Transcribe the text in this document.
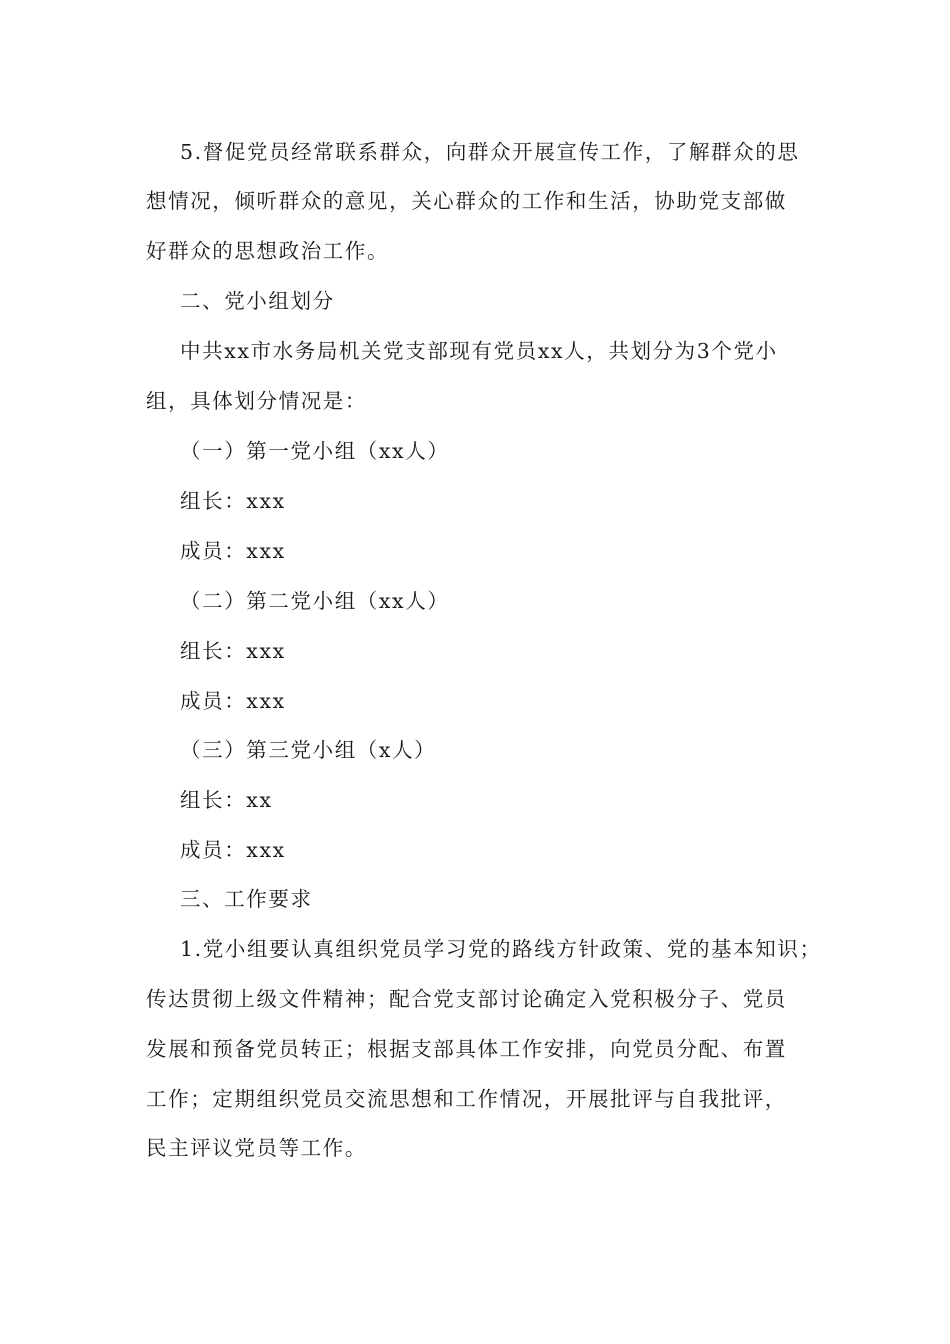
5.督促党员经常联系群众，向群众开展宣传工作，了解群众的思
想情况，倾听群众的意见，关心群众的工作和生活，协助党支部做
好群众的思想政治工作。
二、党小组划分
中共xx市水务局机关党支部现有党员xx人，共划分为3个党小
组，具体划分情况是：
（一）第一党小组（xx人）
组长：xxx
成员：xxx
（二）第二党小组（xx人）
组长：xxx
成员：xxx
（三）第三党小组（x人）
组长：xx
成员：xxx
三、工作要求
1.党小组要认真组织党员学习党的路线方针政策、党的基本知识；
传达贯彻上级文件精神；配合党支部讨论确定入党积极分子、党员
发展和预备党员转正；根据支部具体工作安排，向党员分配、布置
工作；定期组织党员交流思想和工作情况，开展批评与自我批评，
民主评议党员等工作。
